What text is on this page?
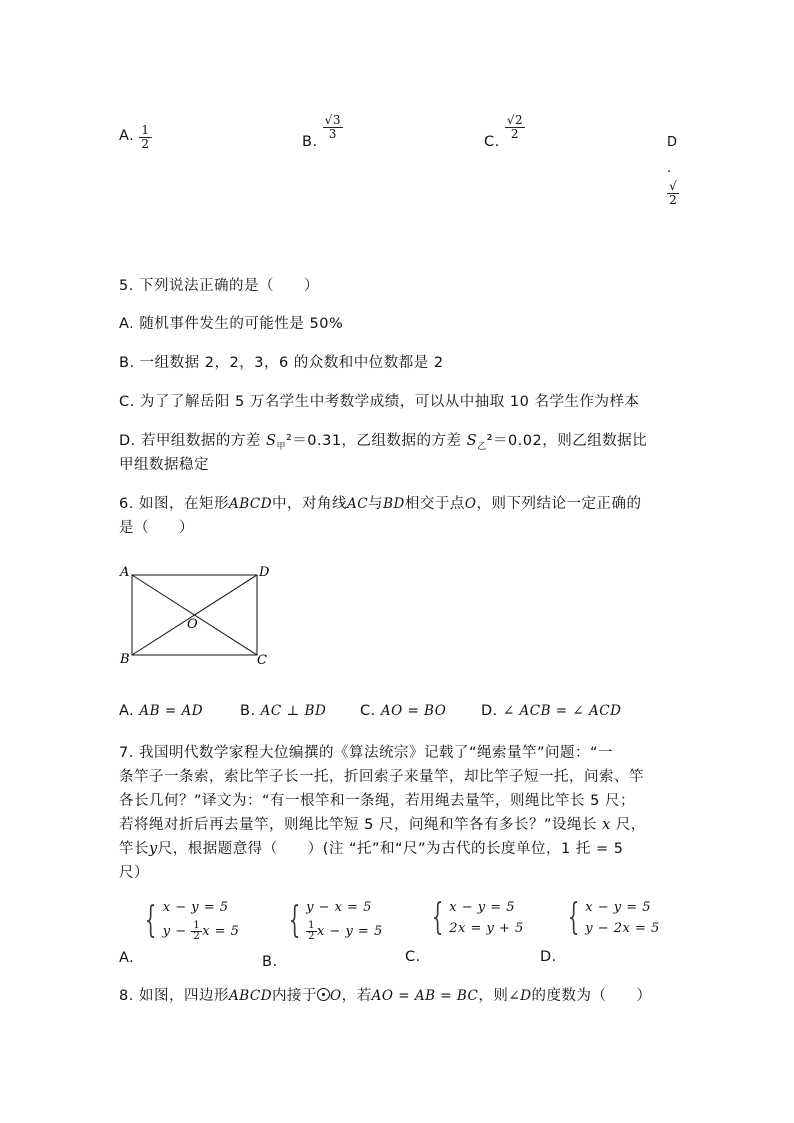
A. $\frac{1}{2}$	B.
$\frac{√3}{3}$
C.
$\frac{√2}{2}$
D
.
$\frac{√}{2}$
5. 下列说法正确的是（　　）
A. 随机事件发生的可能性是 50%
B. 一组数据 2，2，3，6 的众数和中位数都是 2
C. 为了了解岳阳 5 万名学生中考数学成绩，可以从中抽取 10 名学生作为样本
D. 若甲组数据的方差 $S_甲^2=0.31$，乙组数据的方差 $S_乙^2=0.02$，则乙组数据比
甲组数据稳定
6. 如图，在矩形ABCD中，对角线AC与BD相交于点O，则下列结论一定正确的
是（　　）
A	D
B	C
O
A. AB = AD	B. AC ⊥ BD C. AO = BO D. ∠ ACB = ∠ ACD
7. 我国明代数学家程大位编撰的《算法统宗》记载了“绳索量竿”问题：“一
条竿子一条索，索比竿子长一托，折回索子来量竿，却比竿子短一托，问索、竿
各长几何？”译文为：“有一根竿和一条绳，若用绳去量竿，则绳比竿长 5 尺；
若将绳对折后再去量竿，则绳比竿短 5 尺，问绳和竿各有多长？”设绳长 x 尺，
竿长y尺，根据题意得（　　）(注 “托”和“尺”为古代的长度单位，1 托 = 5
尺）
A.
{ x − y = 5
$y - \frac{1}{2}$ x = 5
B.
{ y − x = 5
$\frac{1}{2}$ x − y = 5
C.
{ x − y = 5
2x = y + 5
D.
{ x − y = 5
y − 2x = 5
8. 如图，四边形ABCD内接于 O，若AO = AB = BC，则∠D的度数为（　　）
